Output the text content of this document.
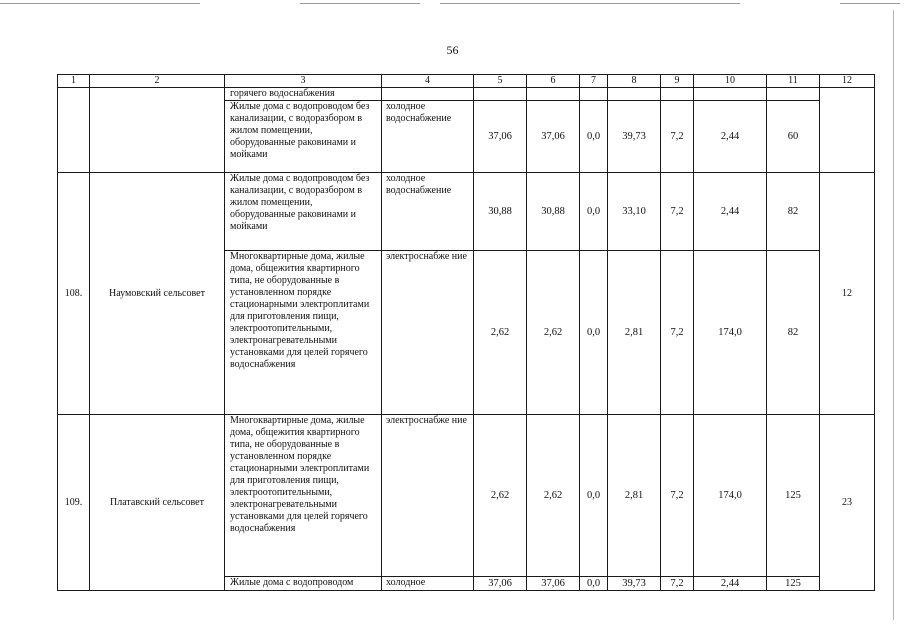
56
1	2	3	4	5	6	7	8	9	10	11	12
		горячего водоснабжения									
		Жилые дома с водопроводом без канализации, с водоразбором в жилом помещении, оборудованные раковинами и мойками	холодное водоснабжение	37,06	37,06	0,0	39,73	7,2	2,44	60	
108.	Наумовский сельсовет	Жилые дома с водопроводом без канализации, с водоразбором в жилом помещении, оборудованные раковинами и мойками	холодное водоснабжение	30,88	30,88	0,0	33,10	7,2	2,44	82	12
		Многоквартирные дома, жилые дома, общежития квартирного типа, не оборудованные в установленном порядке стационарными электроплитами для приготовления пищи, электроотопительными, электронагревательными установками для целей горячего водоснабжения	электроснабже ние	2,62	2,62	0,0	2,81	7,2	174,0	82	
109.	Платавский сельсовет	Многоквартирные дома, жилые дома, общежития квартирного типа, не оборудованные в установленном порядке стационарными электроплитами для приготовления пищи, электроотопительными, электронагревательными установками для целей горячего водоснабжения	электроснабже ние	2,62	2,62	0,0	2,81	7,2	174,0	125	23
		Жилые дома с водопроводом	холодное	37,06	37,06	0,0	39,73	7,2	2,44	125	
